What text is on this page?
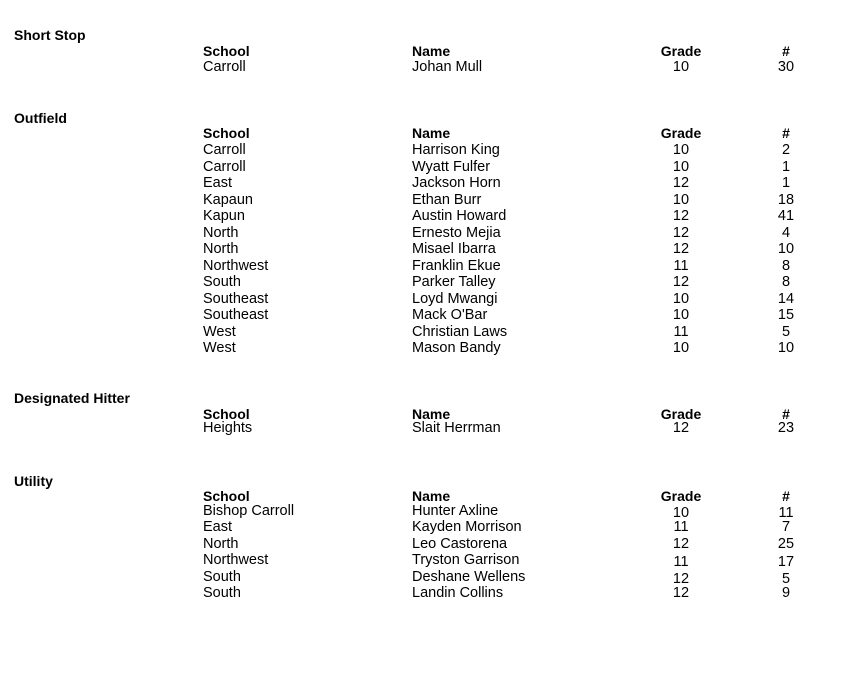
Short Stop
School	Name	Grade	#
Carroll	Johan Mull	10	30
Outfield
School	Name	Grade	#
Carroll	Harrison King	10	2
Carroll	Wyatt Fulfer	10	1
East	Jackson Horn	12	1
Kapaun	Ethan Burr	10	18
Kapun	Austin Howard	12	41
North	Ernesto Mejia	12	4
North	Misael Ibarra	12	10
Northwest	Franklin Ekue	11	8
South	Parker Talley	12	8
Southeast	Loyd Mwangi	10	14
Southeast	Mack O'Bar	10	15
West	Christian Laws	11	5
West	Mason Bandy	10	10
Designated Hitter
School	Name	Grade	#
Heights	Slait Herrman	12	23
Utility
School	Name	Grade	#
Bishop Carroll	Hunter Axline	10	11
East	Kayden Morrison	11	7
North	Leo Castorena	12	25
Northwest	Tryston Garrison	11	17
South	Deshane Wellens	12	5
South	Landin Collins	12	9
